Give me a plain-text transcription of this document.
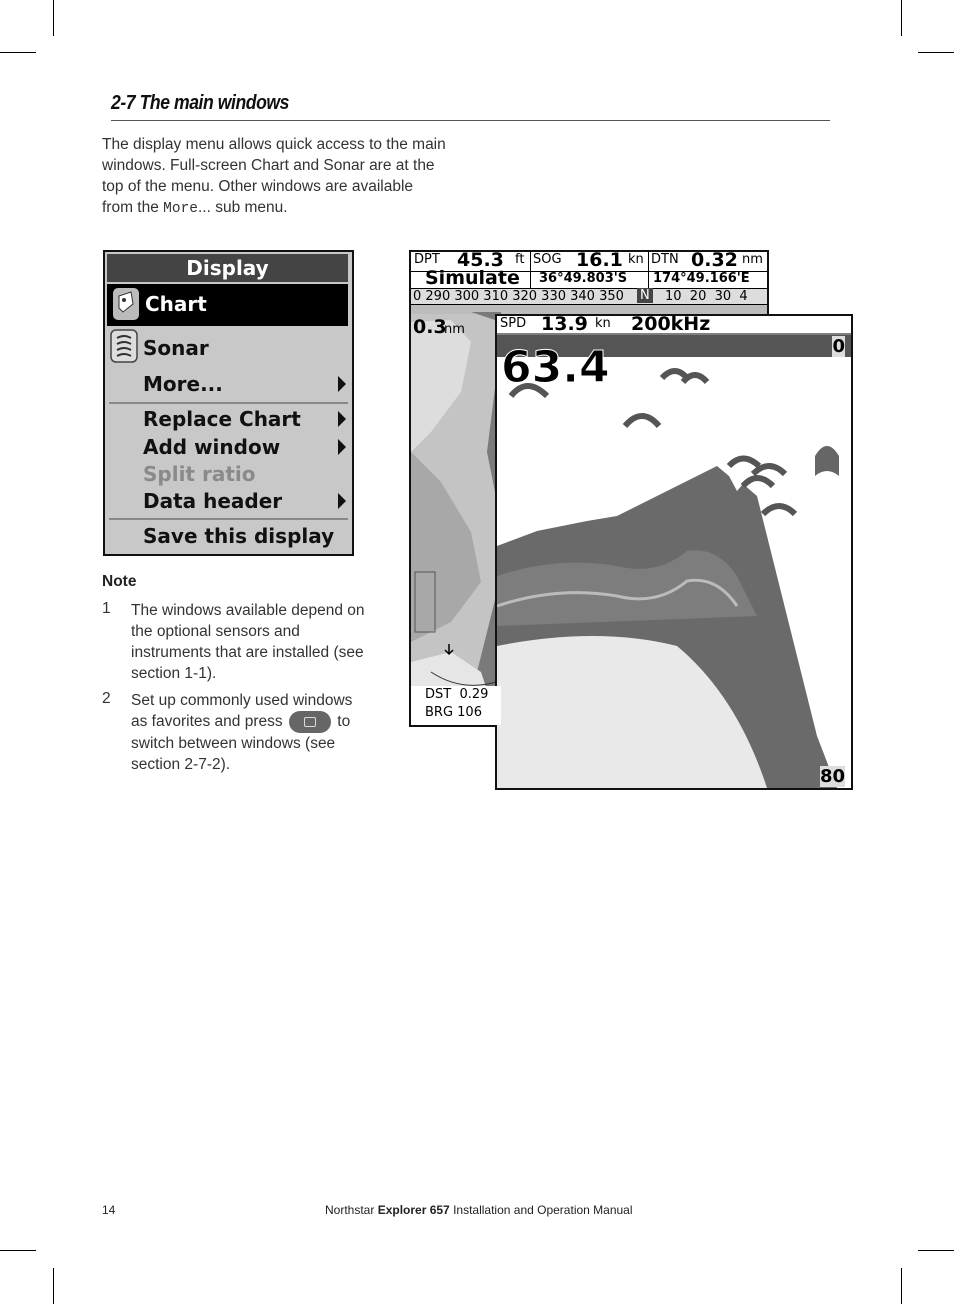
2-7 The main windows
The display menu allows quick access to the main
windows. Full-screen Chart and Sonar are at the
top of the menu. Other windows are available
from the More... sub menu.
Display
Chart
Sonar
More...
Replace Chart
Add window
Split ratio
Data header
Save this display
Note
1 The windows available depend on the optional sensors and instruments that are installed (see section 1-1).
2 Set up commonly used windows as favorites and press	to switch between windows (see section 2-7-2).
DPT 45.3 ft SOG 16.1 kn DTN 0.32 nm
Simulate 36°49.803'S 174°49.166'E
0 290 300 310 320 330 340 350 N 10  20  30  4
0.3
nm
DST  0.29
BRG 106
SPD 13.9 kn 200kHz
63.4 ft
0
80
14	Northstar Explorer 657 Installation and Operation Manual
